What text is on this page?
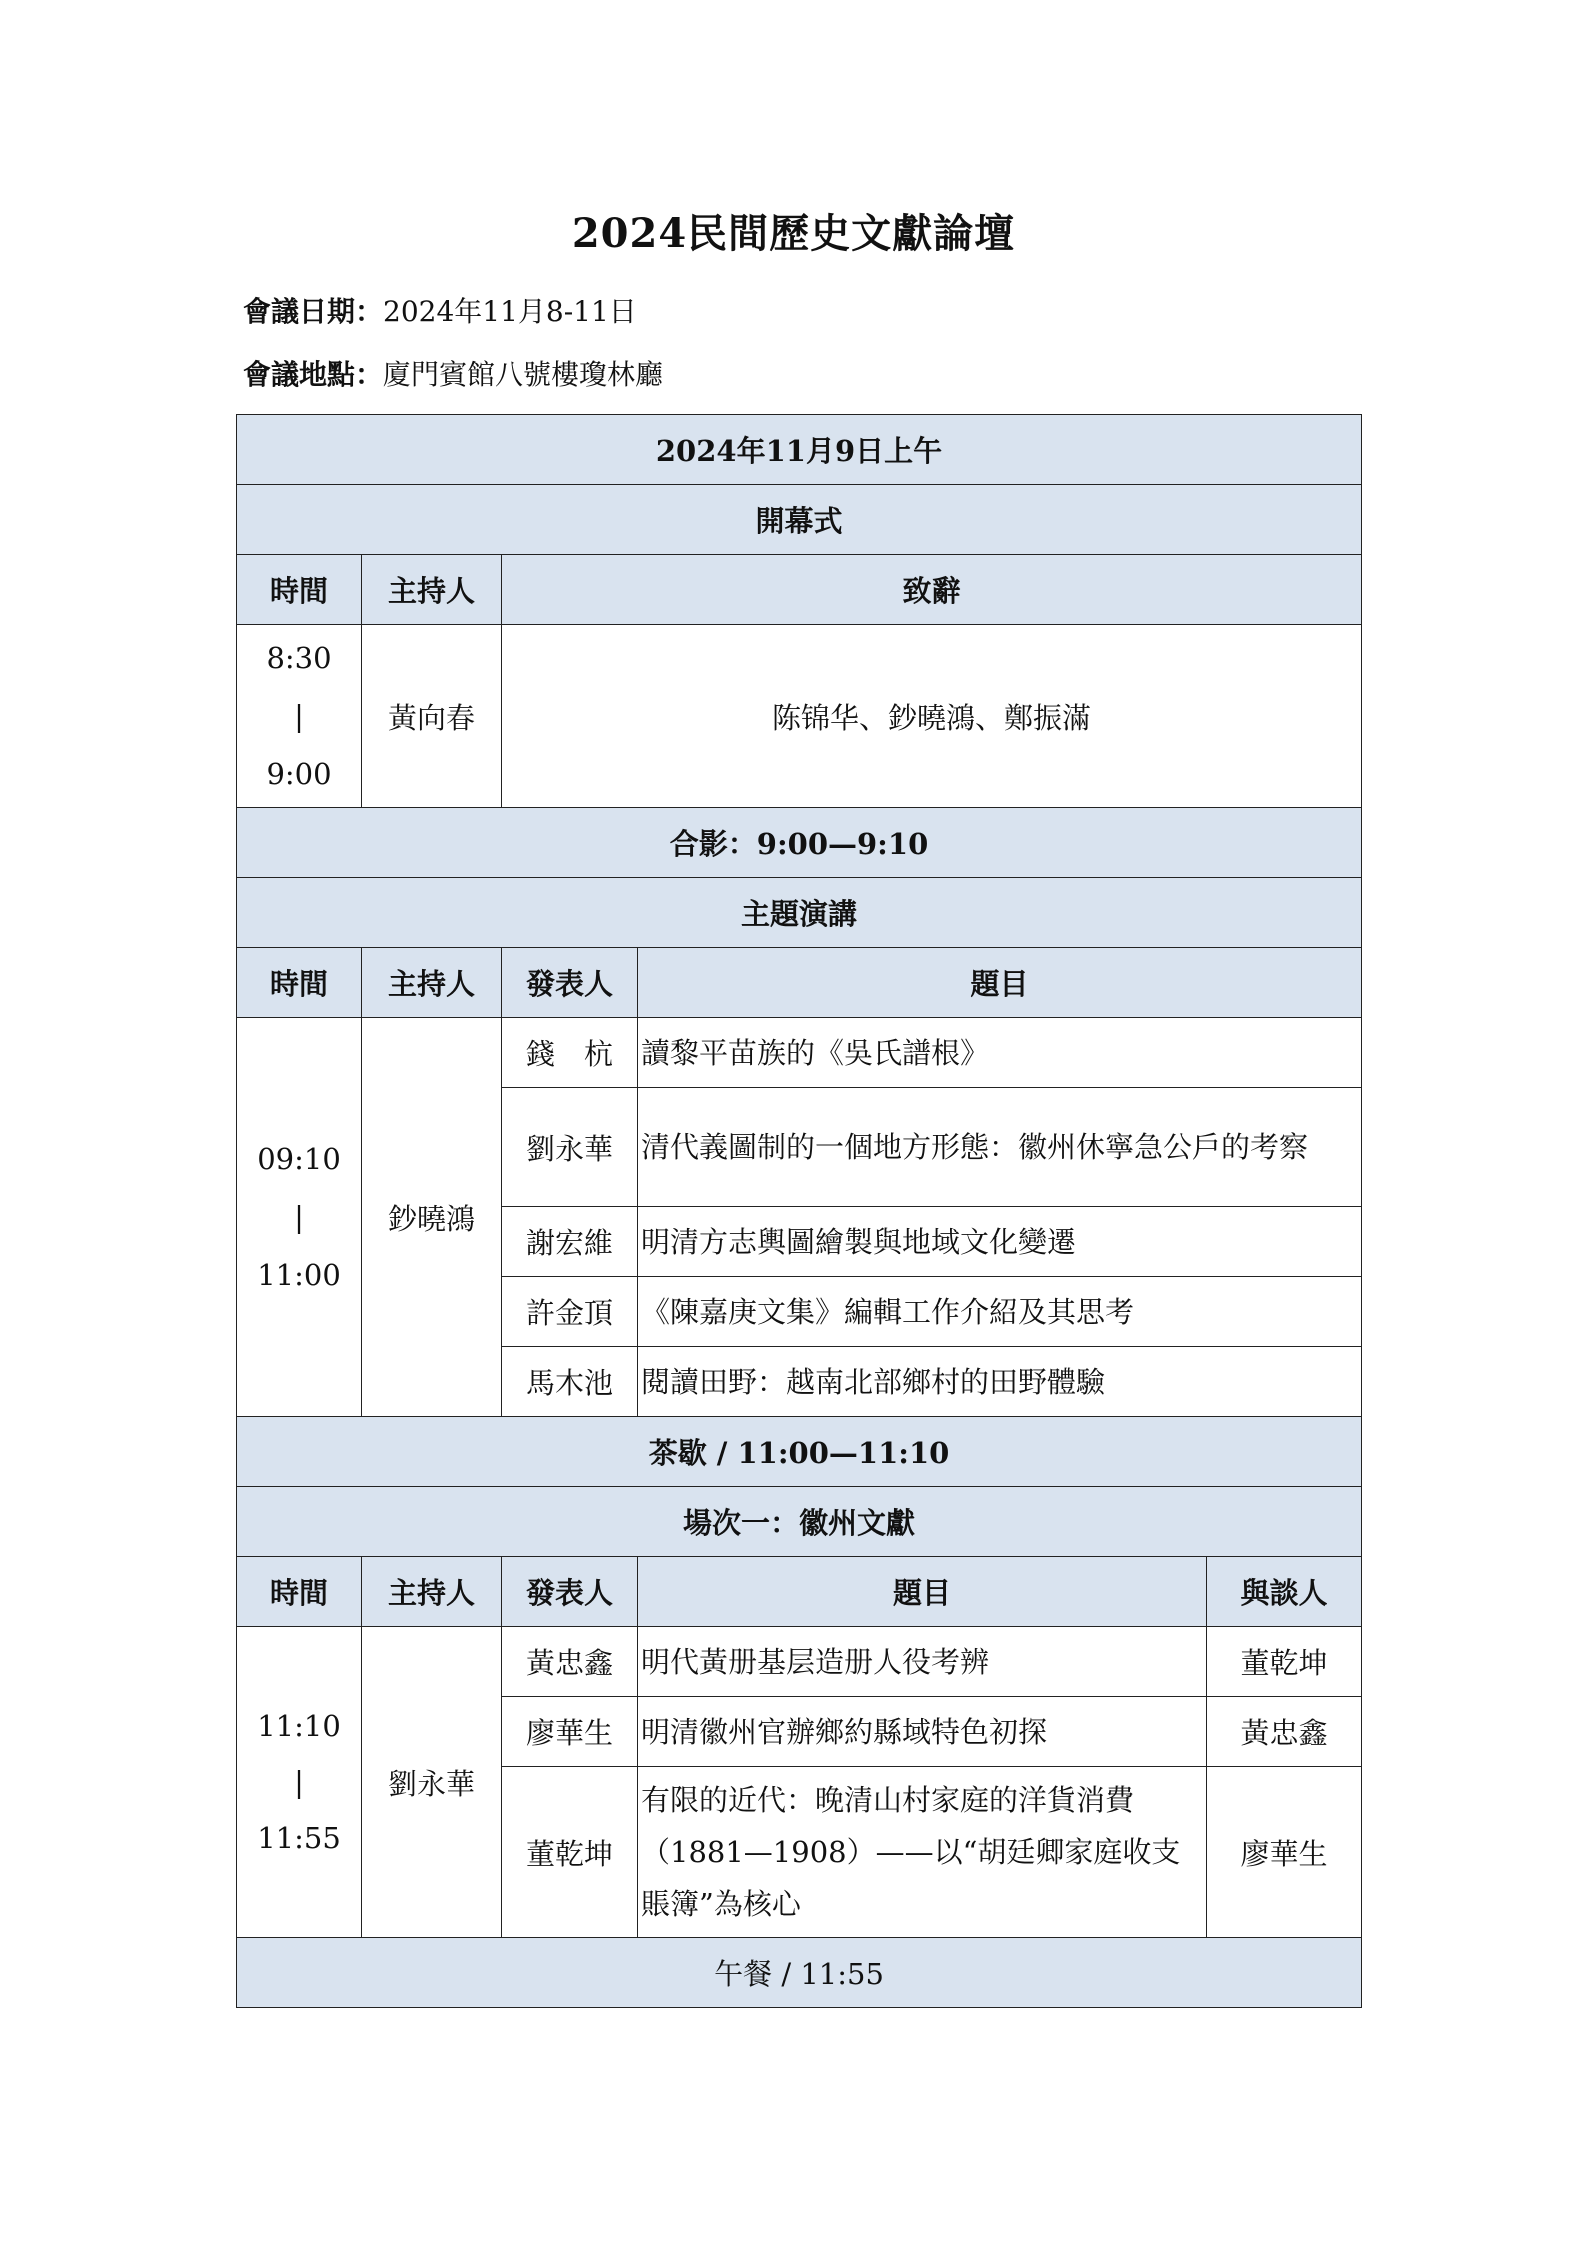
2024民間歷史文獻論壇
會議日期：2024年11月8-11日
會議地點：廈門賓館八號樓瓊林廳
2024年11月9日上午				
開幕式				
時間	主持人	致辭		

8:30
|
9:00	黃向春	陈锦华、鈔曉鴻、鄭振滿		
合影：9:00—9:10				
主題演講				
時間	主持人	發表人	題目	

09:10
|
11:00	鈔曉鴻	錢　杭	讀黎平苗族的《吳氏譜根》	
		劉永華	清代義圖制的一個地方形態：徽州休寧急公戶的考察	
		謝宏維	明清方志輿圖繪製與地域文化變遷	
		許金頂	《陳嘉庚文集》編輯工作介紹及其思考	
		馬木池	閱讀田野：越南北部鄉村的田野體驗	
茶歇 / 11:00—11:10				
場次一：徽州文獻				
時間	主持人	發表人	題目	與談人

11:10
|
11:55	劉永華	黃忠鑫	明代黃册基层造册人役考辨	董乾坤
		廖華生	明清徽州官辦鄉約縣域特色初探	黃忠鑫
		董乾坤	有限的近代：晚清山村家庭的洋貨消費（1881—1908）——以“胡廷卿家庭收支賬簿”為核心	廖華生
午餐 / 11:55				
